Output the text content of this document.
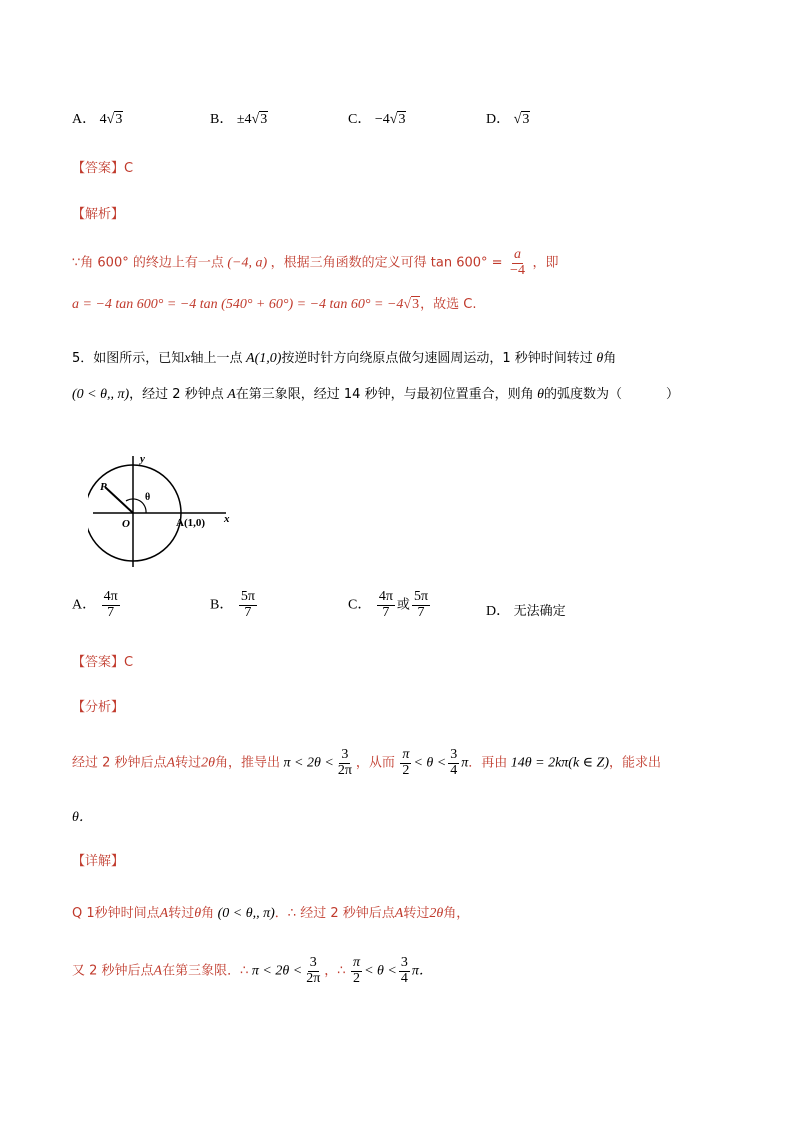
A． 4√3	B． ±4√3	C． −4√3	D． √3
【答案】C
【解析】
∵角 600° 的终边上有一点 (−4, a) ，根据三角函数的定义可得 $\tan 600^\circ = \frac{a}{-4}$ ，即
a = −4 tan 600° = −4 tan (540° + 60°) = −4 tan 60° = −4√3，故选 C.
5．如图所示，已知x轴上一点 A(1,0)按逆时针方向绕原点做匀速圆周运动，1 秒钟时间转过 θ角
(0 < θ,, π)，经过 2 秒钟点 A在第三象限，经过 14 秒钟，与最初位置重合，则角 θ的弧度数为（	）
y
x
O
P
θ
A(1,0)
A． $\frac{4\pi}{7}$	B． $\frac{5\pi}{7}$	C． $\frac{4\pi}{7}$ 或 $\frac{5\pi}{7}$	D． 无法确定
【答案】C
【分析】
经过 2 秒钟后点A转过2θ角，推导出 $\pi < 2\theta < \frac{3}{2\pi}$ ，从而 $\frac{\pi}{2} < \theta < \frac{3}{4}$ π．再由 14θ = 2kπ(k ∈ Z)，能求出
θ．
【详解】
Q 1秒钟时间点A转过θ角 (0 < θ,, π)．∴ 经过 2 秒钟后点A转过2θ角，
又 2 秒钟后点A在第三象限．∴ $\pi < 2\theta < \frac{3}{2\pi}$ ，∴ $\frac{\pi}{2} < \theta < \frac{3}{4}$ π．
